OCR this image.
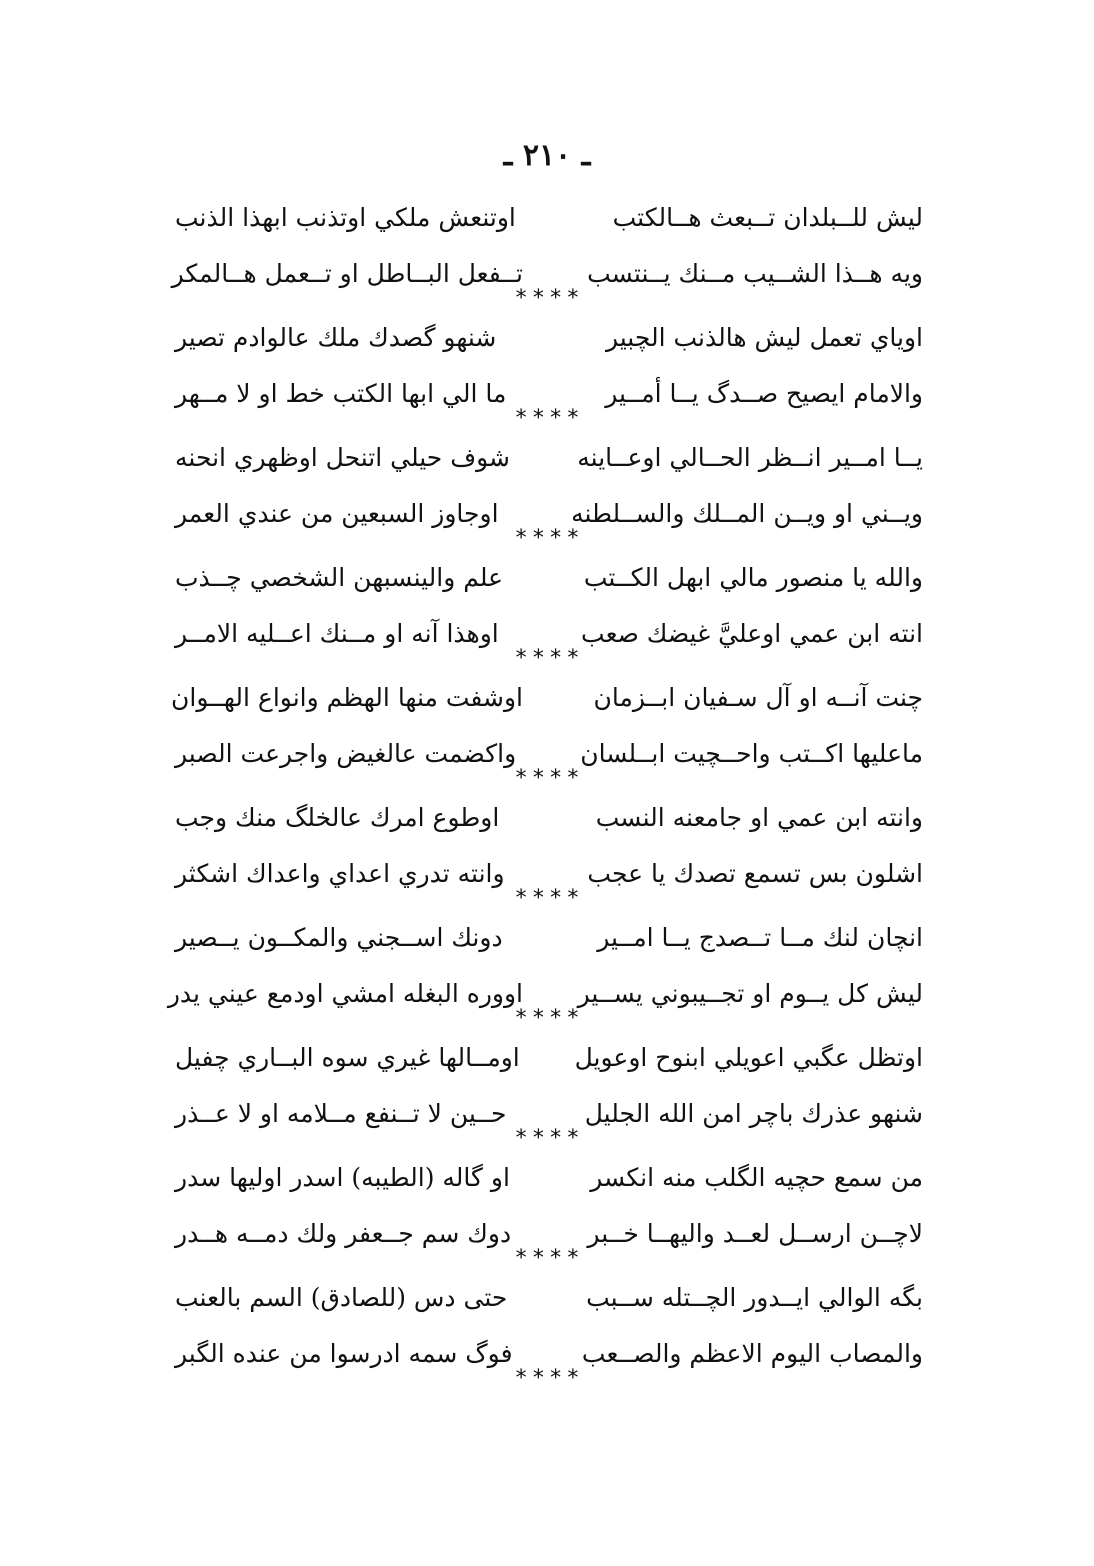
ـ ٢١٠ ـ
ليش للــبلدان تــبعث هــالكتب
اوتنعش ملكي اوتذنب ابهذا الذنب
ويه هــذا الشــيب مــنك يــنتسب
تــفعل البــاطل او تــعمل هــالمكر
****
اوياي تعمل ليش هالذنب الچبير
شنهو گصدك ملك عالوادم تصير
والامام ايصيح صــدگ يــا أمــير
ما الي ابها الكتب خط او لا مــهر
****
يــا امــير انــظر الحــالي اوعــاينه
شوف حيلي اتنحل اوظهري انحنه
ويــني او ويــن المــلك والســلطنه
اوجاوز السبعين من عندي العمر
****
والله يا منصور مالي ابهل الكــتب
علم والينسبهن الشخصي چــذب
انته ابن عمي اوعليَّ غيضك صعب
اوهذا آنه او مــنك اعــليه الامــر
****
چنت آنــه او آل سـفيان ابــزمان
اوشفت منها الهظم وانواع الهــوان
ماعليها اكــتب واحــچيت ابــلسان
واكضمت عالغيض واجرعت الصبر
****
وانته ابن عمي او جامعنه النسب
اوطوع امرك عالخلگ منك وجب
اشلون بس تسمع تصدك يا عجب
وانته تدري اعداي واعداك اشكثر
****
انچان لنك مــا تــصدج يــا امــير
دونك اســجني والمكــون يــصير
ليش كل يــوم او تجــيبوني يســير
اووره البغله امشي اودمع عيني يدر
****
اوتظل عگبي اعويلي ابنوح اوعويل
اومــالها غيري سوه البــاري چفيل
شنهو عذرك باچر امن الله الجليل
حــين لا تــنفع مــلامه او لا عــذر
****
من سمع حچيه الگلب منه انكسر
او گاله (الطيبه) اسدر اوليها سدر
لاچــن ارســل لعــد واليهــا خــبر
دوك سم جــعفر ولك دمــه هــدر
****
بگه الوالي ايــدور الچــتله ســبب
حتى دس (للصادق) السم بالعنب
والمصاب اليوم الاعظم والصــعب
فوگ سمه ادرسوا من عنده الگبر
****
